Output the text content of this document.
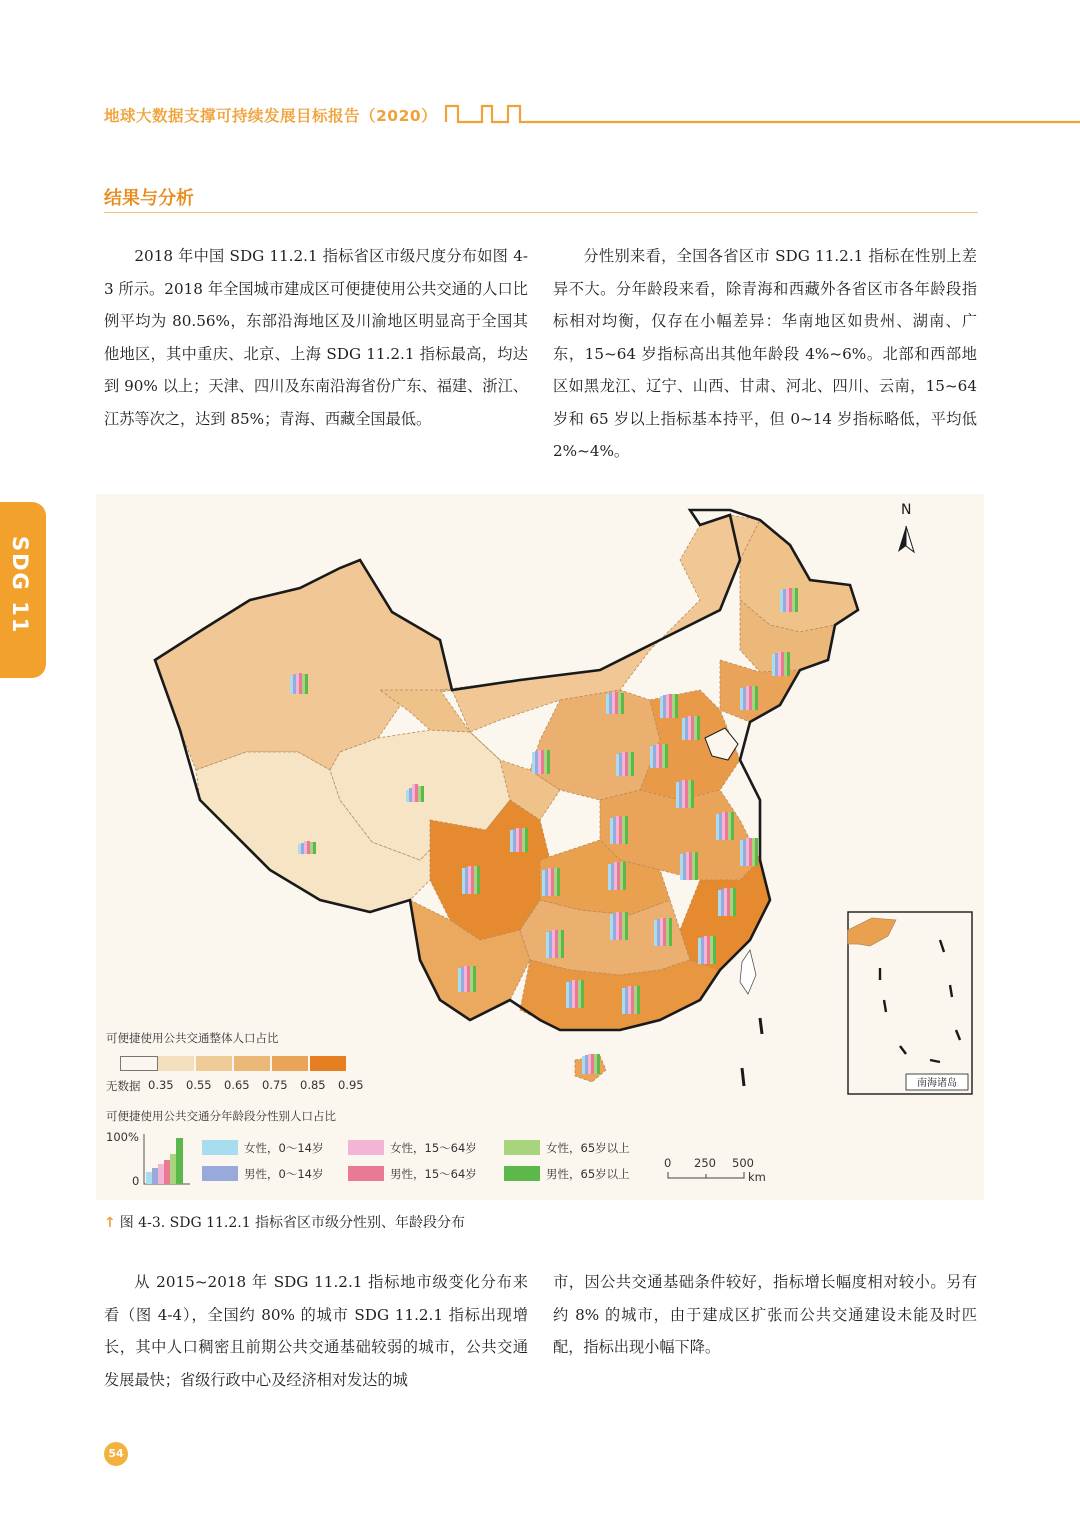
地球大数据支撑可持续发展目标报告（2020）
SDG 11
结果与分析

2018 年中国 SDG 11.2.1 指标省区市级尺度分布如图 4-3 所示。2018 年全国城市建成区可便捷使用公共交通的人口比例平均为 80.56%，东部沿海地区及川渝地区明显高于全国其他地区，其中重庆、北京、上海 SDG 11.2.1 指标最高，均达到 90% 以上；天津、四川及东南沿海省份广东、福建、浙江、江苏等次之，达到 85%；青海、西藏全国最低。

分性别来看，全国各省区市 SDG 11.2.1 指标在性别上差异不大。分年龄段来看，除青海和西藏外各省区市各年龄段指标相对均衡，仅存在小幅差异：华南地区如贵州、湖南、广东，15~64 岁指标高出其他年龄段 4%~6%。北部和西部地区如黑龙江、辽宁、山西、甘肃、河北、四川、云南，15~64 岁和 65 岁以上指标基本持平，但 0~14 岁指标略低，平均低 2%~4%。

N
南海诸岛
可便捷使用公共交通整体人口占比
无数据 0.35 0.55 0.65 0.75 0.85 0.95
可便捷使用公共交通分年龄段分性别人口占比
100%
0
女性，0～14岁	女性，15～64岁	女性，65岁以上
男性，0～14岁	男性，15～64岁	男性，65岁以上
0 250 500
km
↑ 图 4-3. SDG 11.2.1 指标省区市级分性别、年龄段分布

从 2015~2018 年 SDG 11.2.1 指标地市级变化分布来看（图 4-4），全国约 80% 的城市 SDG 11.2.1 指标出现增长，其中人口稠密且前期公共交通基础较弱的城市，公共交通发展最快；省级行政中心及经济相对发达的城

市，因公共交通基础条件较好，指标增长幅度相对较小。另有约 8% 的城市，由于建成区扩张而公共交通建设未能及时匹配，指标出现小幅下降。

54
